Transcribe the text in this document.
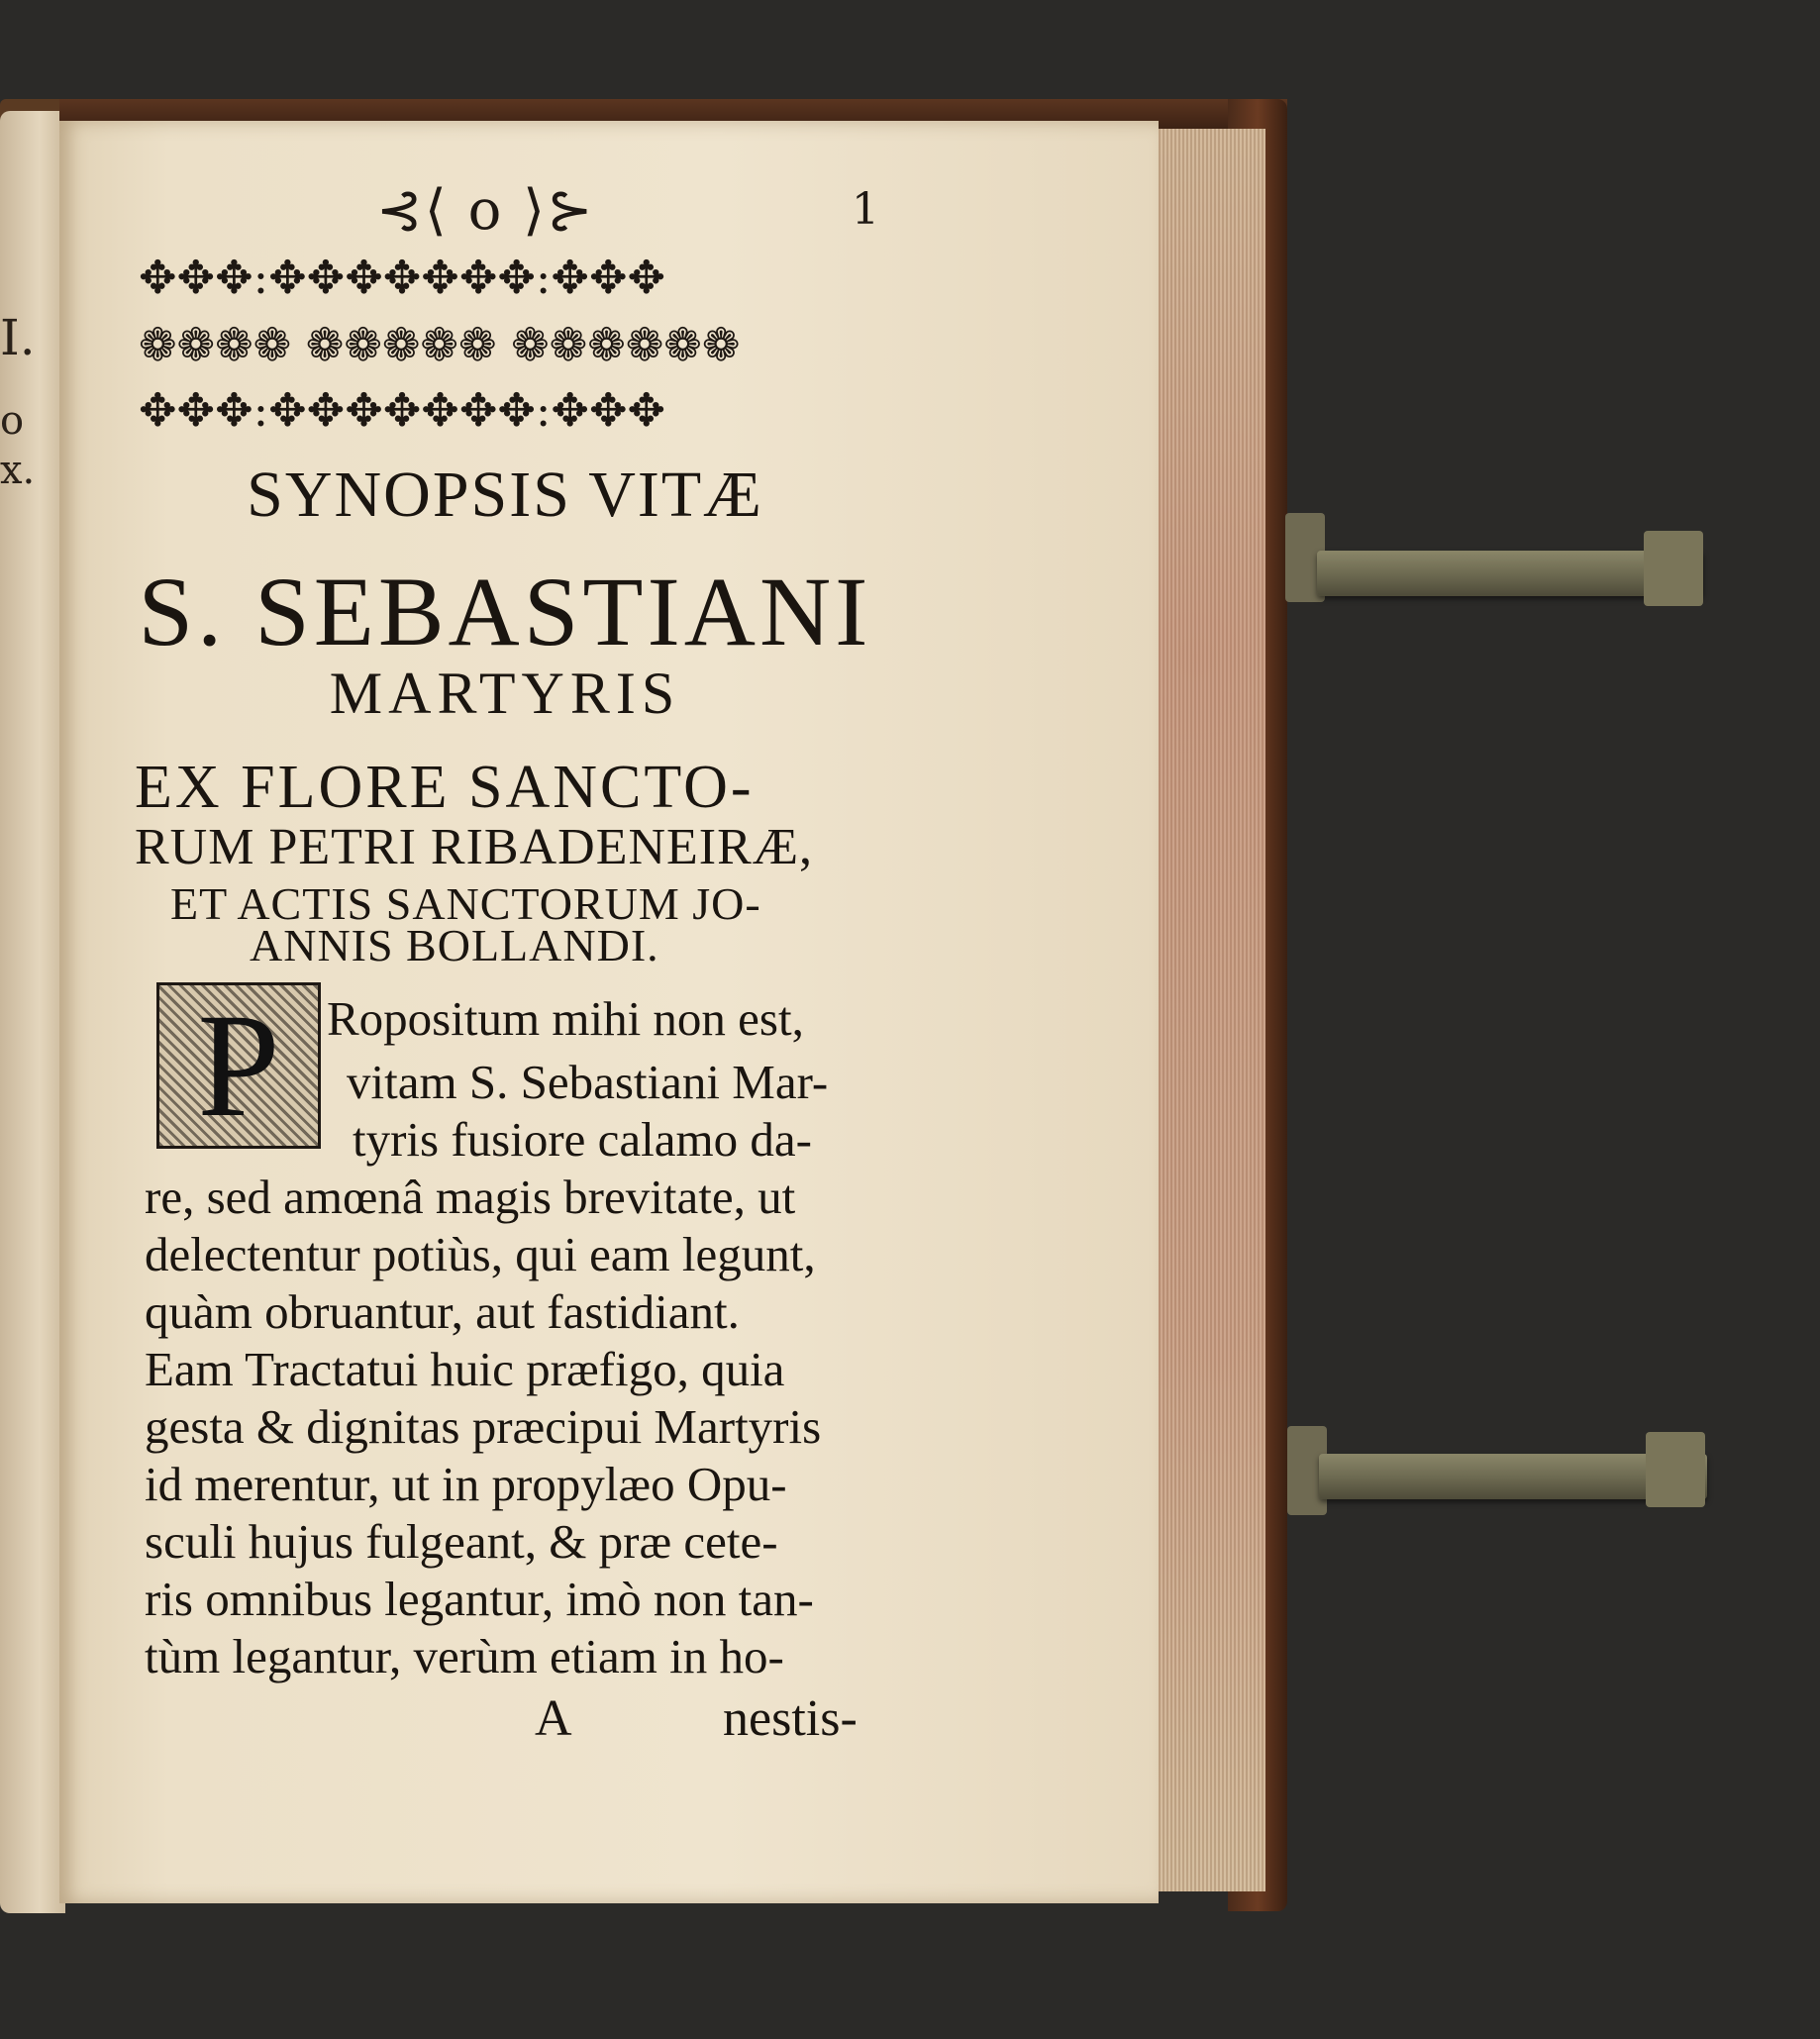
I.
o
x.
⊰⟨ o ⟩⊱	1
✥✥✥:✥✥✥✥✥✥✥:✥✥✥
❁❁❁❁ ❁❁❁❁❁ ❁❁❁❁❁❁
✥✥✥:✥✥✥✥✥✥✥:✥✥✥
SYNOPSIS VITÆ
S. SEBASTIANI
MARTYRIS
EX FLORE SANCTO-
RUM PETRI RIBADENEIRÆ,
ET ACTIS SANCTORUM JO-
ANNIS BOLLANDI.
P Ropositum mihi non est,
vitam S. Sebastiani Mar-
tyris fusiore calamo da-
re, sed amœnâ magis brevitate, ut
delectentur potiùs, qui eam legunt,
quàm obruantur, aut fastidiant.
Eam Tractatui huic præfigo, quia
gesta & dignitas præcipui Martyris
id merentur, ut in propylæo Opu-
sculi hujus fulgeant, & præ cete-
ris omnibus legantur, imò non tan-
tùm legantur, verùm etiam in ho-
A	nestis-
